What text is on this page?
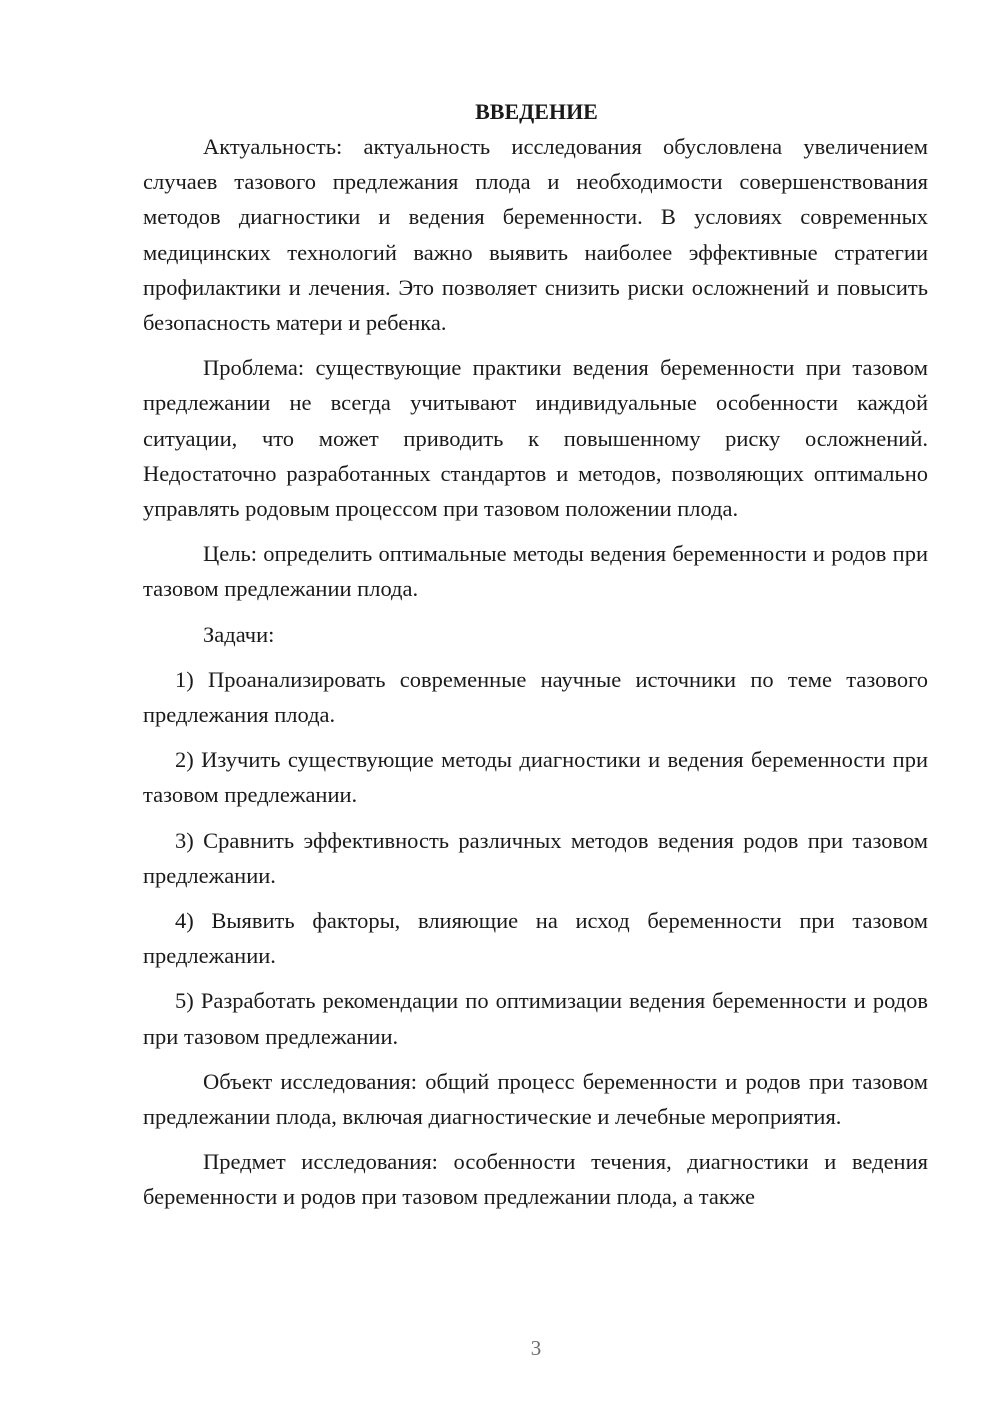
ВВЕДЕНИЕ

Актуальность: актуальность исследования обусловлена увеличением случаев тазового предлежания плода и необходимости совершенствования методов диагностики и ведения беременности. В условиях современных медицинских технологий важно выявить наиболее эффективные стратегии профилактики и лечения. Это позволяет снизить риски осложнений и повысить безопасность матери и ребенка.

Проблема: существующие практики ведения беременности при тазовом предлежании не всегда учитывают индивидуальные особенности каждой ситуации, что может приводить к повышенному риску осложнений. Недостаточно разработанных стандартов и методов, позволяющих оптимально управлять родовым процессом при тазовом положении плода.

Цель: определить оптимальные методы ведения беременности и родов при тазовом предлежании плода.

Задачи:

1) Проанализировать современные научные источники по теме тазового предлежания плода.

2) Изучить существующие методы диагностики и ведения беременности при тазовом предлежании.

3) Сравнить эффективность различных методов ведения родов при тазовом предлежании.

4) Выявить факторы, влияющие на исход беременности при тазовом предлежании.

5) Разработать рекомендации по оптимизации ведения беременности и родов при тазовом предлежании.

Объект исследования: общий процесс беременности и родов при тазовом предлежании плода, включая диагностические и лечебные мероприятия.

Предмет исследования: особенности течения, диагностики и ведения беременности и родов при тазовом предлежании плода, а также

3
